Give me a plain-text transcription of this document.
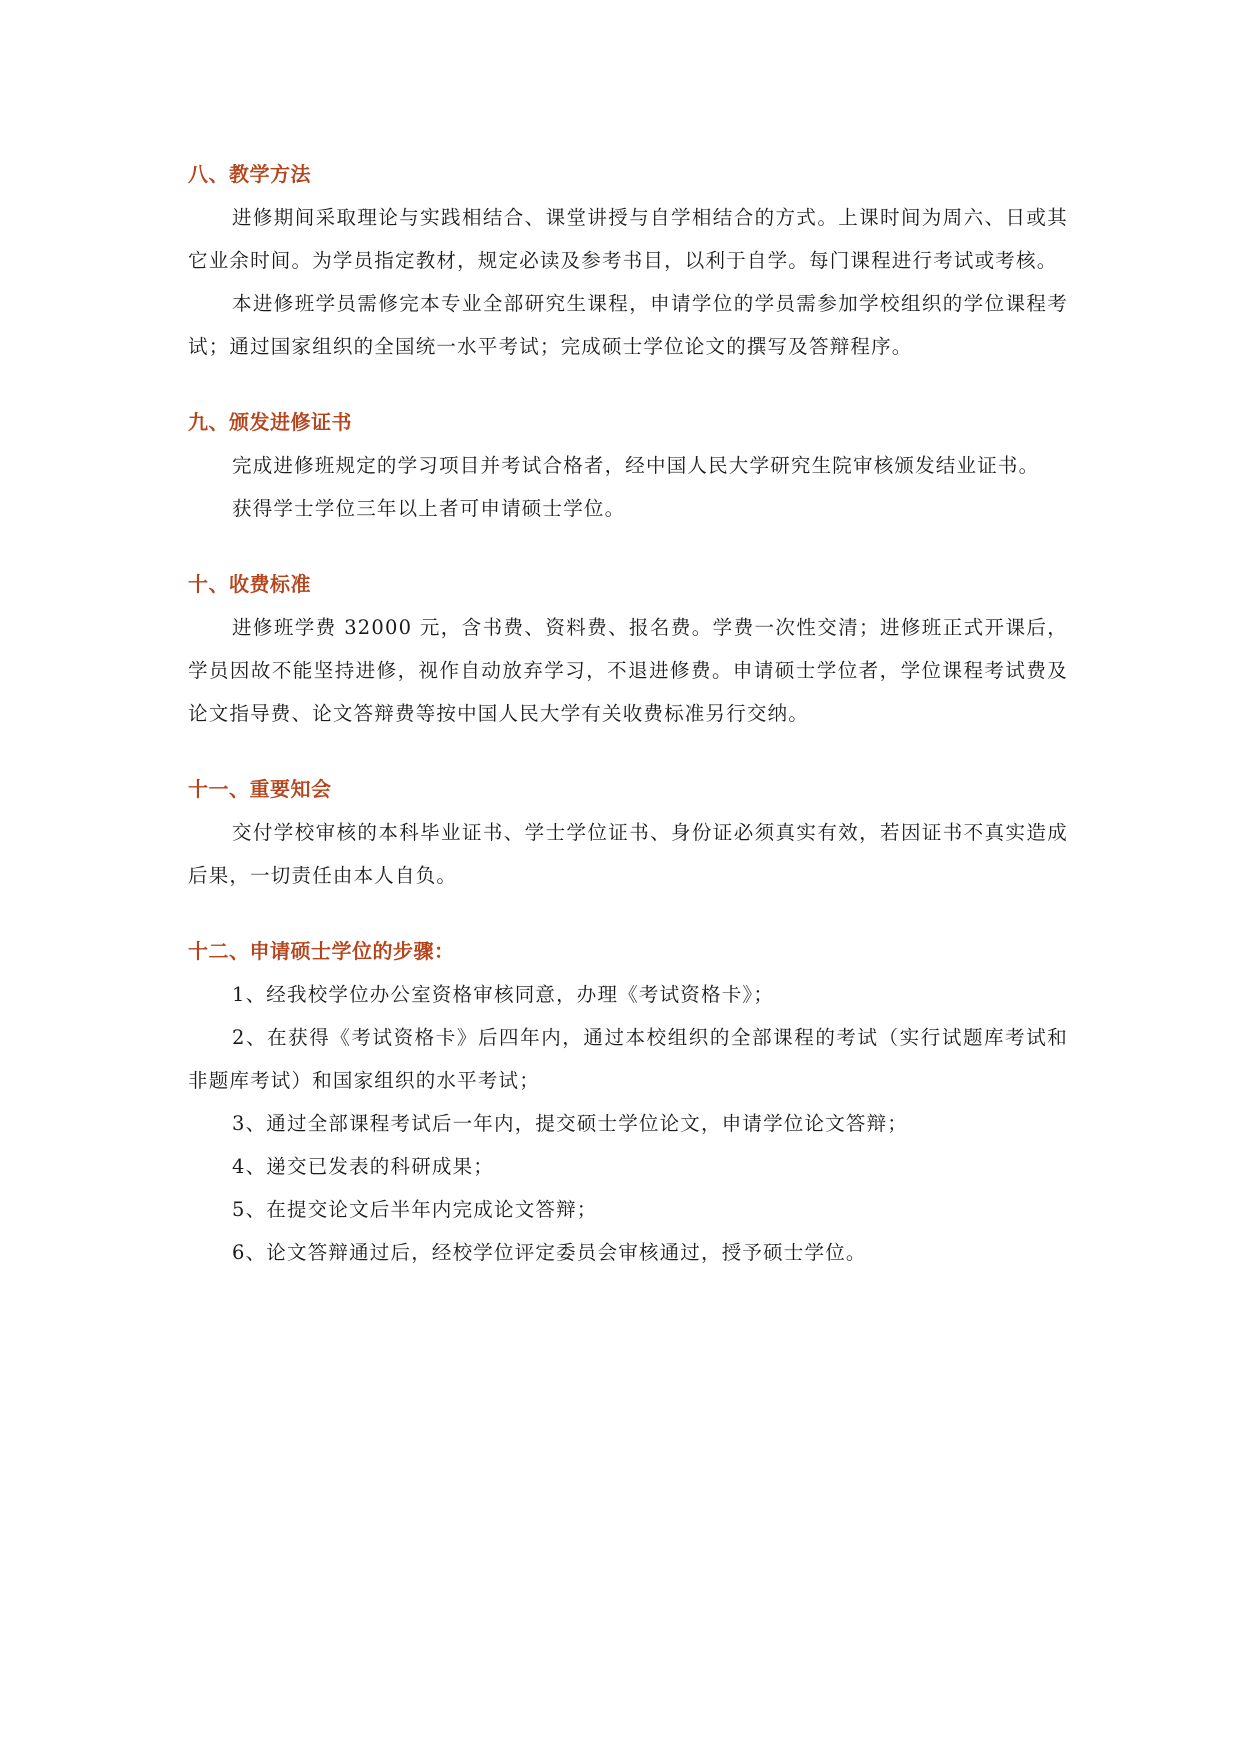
八、教学方法

进修期间采取理论与实践相结合、课堂讲授与自学相结合的方式。上课时间为周六、日或其它业余时间。为学员指定教材，规定必读及参考书目，以利于自学。每门课程进行考试或考核。

本进修班学员需修完本专业全部研究生课程，申请学位的学员需参加学校组织的学位课程考试；通过国家组织的全国统一水平考试；完成硕士学位论文的撰写及答辩程序。

九、颁发进修证书

完成进修班规定的学习项目并考试合格者，经中国人民大学研究生院审核颁发结业证书。

获得学士学位三年以上者可申请硕士学位。

十、收费标准

进修班学费 32000 元，含书费、资料费、报名费。学费一次性交清；进修班正式开课后，学员因故不能坚持进修，视作自动放弃学习，不退进修费。申请硕士学位者，学位课程考试费及论文指导费、论文答辩费等按中国人民大学有关收费标准另行交纳。

十一、重要知会

交付学校审核的本科毕业证书、学士学位证书、身份证必须真实有效，若因证书不真实造成后果，一切责任由本人自负。

十二、申请硕士学位的步骤：

1、经我校学位办公室资格审核同意，办理《考试资格卡》；

2、在获得《考试资格卡》后四年内，通过本校组织的全部课程的考试（实行试题库考试和非题库考试）和国家组织的水平考试；

3、通过全部课程考试后一年内，提交硕士学位论文，申请学位论文答辩；

4、递交已发表的科研成果；

5、在提交论文后半年内完成论文答辩；

6、论文答辩通过后，经校学位评定委员会审核通过，授予硕士学位。
